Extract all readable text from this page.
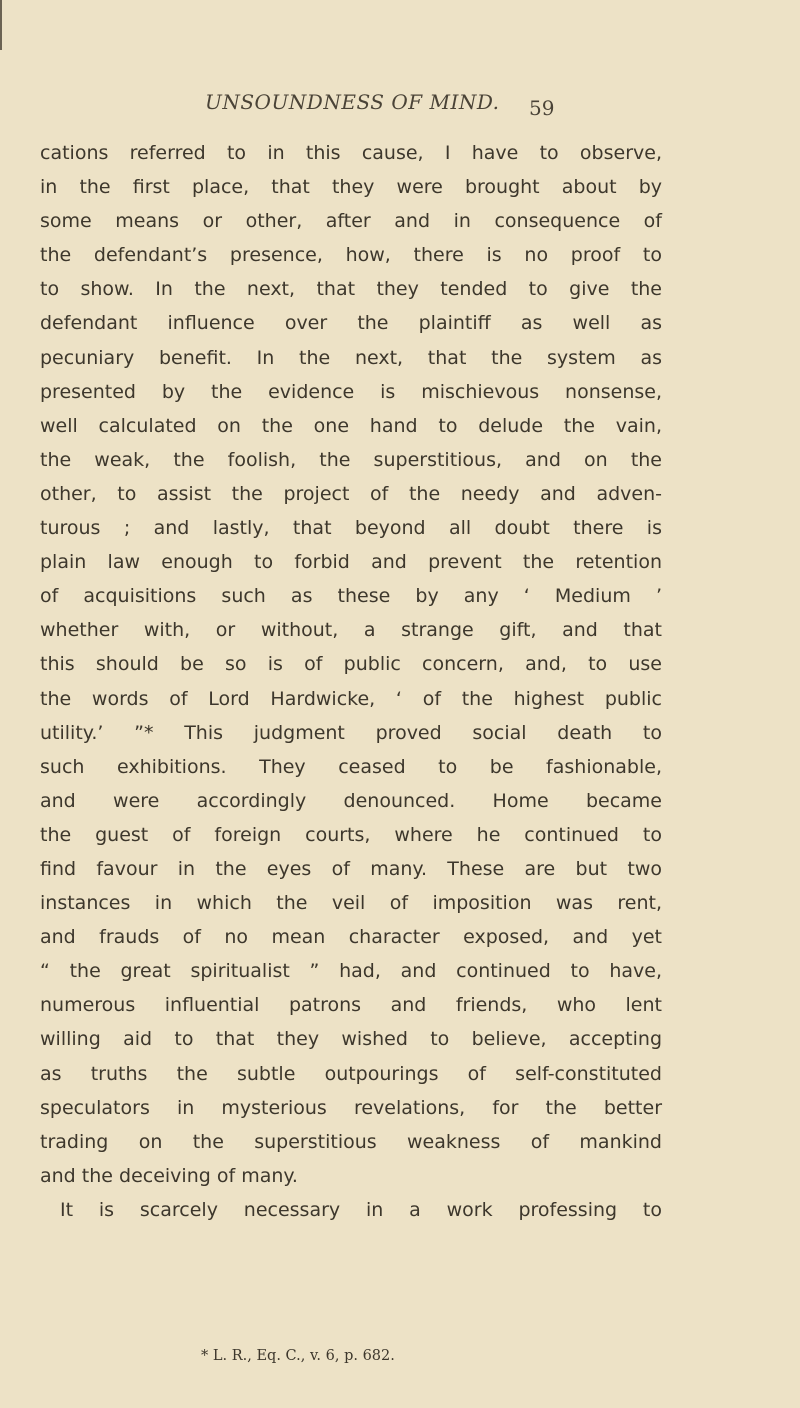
UNSOUNDNESS OF MIND. 59
cations referred to in this cause, I have to observe,
in the first place, that they were brought about by
some means or other, after and in consequence of
the defendant’s presence, how, there is no proof to
to show. In the next, that they tended to give the
defendant influence over the plaintiff as well as
pecuniary benefit. In the next, that the system as
presented by the evidence is mischievous nonsense,
well calculated on the one hand to delude the vain,
the weak, the foolish, the superstitious, and on the
other, to assist the project of the needy and adven-
turous ; and lastly, that beyond all doubt there is
plain law enough to forbid and prevent the retention
of acquisitions such as these by any ‘ Medium ’
whether with, or without, a strange gift, and that
this should be so is of public concern, and, to use
the words of Lord Hardwicke, ‘ of the highest public
utility.’ ”* This judgment proved social death to
such exhibitions. They ceased to be fashionable,
and were accordingly denounced. Home became
the guest of foreign courts, where he continued to
find favour in the eyes of many. These are but two
instances in which the veil of imposition was rent,
and frauds of no mean character exposed, and yet
“ the great spiritualist ” had, and continued to have,
numerous influential patrons and friends, who lent
willing aid to that they wished to believe, accepting
as truths the subtle outpourings of self-constituted
speculators in mysterious revelations, for the better
trading on the superstitious weakness of mankind
and the deceiving of many.
It is scarcely necessary in a work professing to
* L. R., Eq. C., v. 6, p. 682.
